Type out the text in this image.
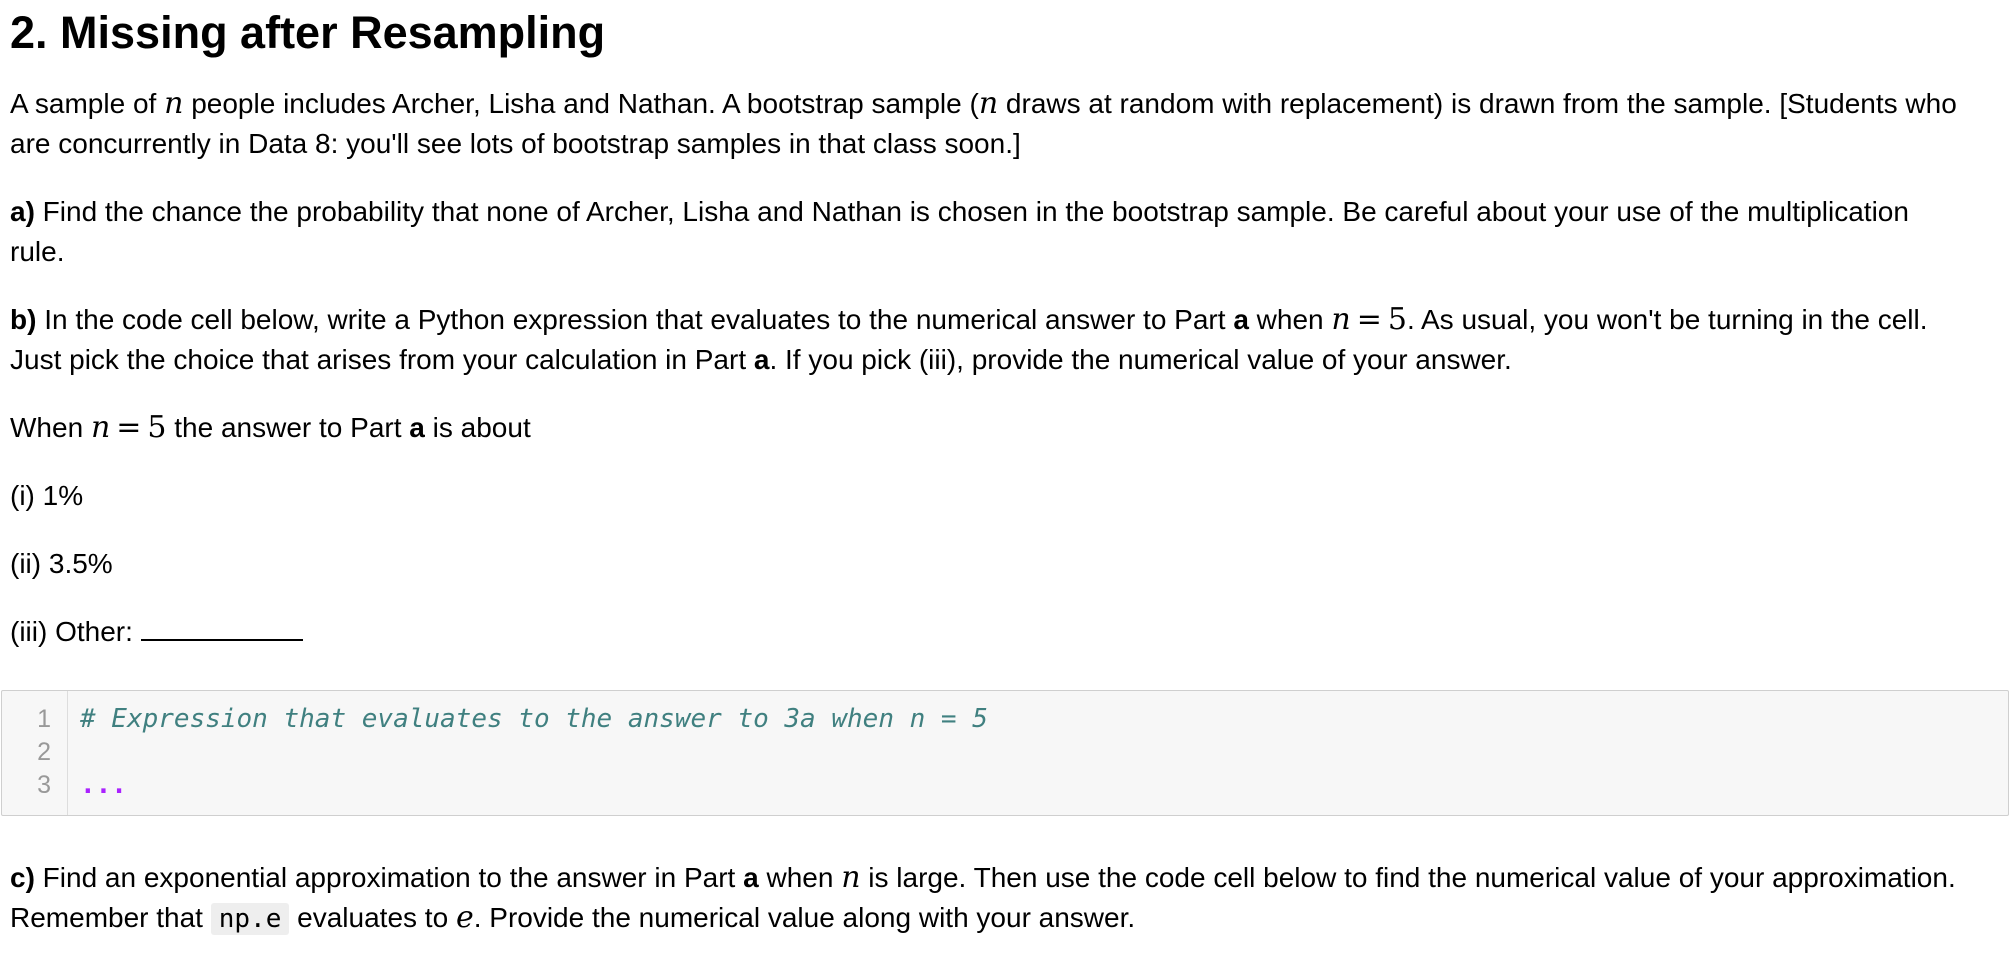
2. Missing after Resampling

A sample of n people includes Archer, Lisha and Nathan. A bootstrap sample (n draws at random with replacement) is drawn from the sample. [Students who
are concurrently in Data 8: you'll see lots of bootstrap samples in that class soon.]

a) Find the chance the probability that none of Archer, Lisha and Nathan is chosen in the bootstrap sample. Be careful about your use of the multiplication
rule.

b) In the code cell below, write a Python expression that evaluates to the numerical answer to Part a when n = 5. As usual, you won't be turning in the cell.
Just pick the choice that arises from your calculation in Part a. If you pick (iii), provide the numerical value of your answer.

When n = 5 the answer to Part a is about

(i) 1%

(ii) 3.5%

(iii) Other:

1
2
3
# Expression that evaluates to the answer to 3a when n = 5
...

c) Find an exponential approximation to the answer in Part a when n is large. Then use the code cell below to find the numerical value of your approximation.
Remember that np.e evaluates to e. Provide the numerical value along with your answer.
